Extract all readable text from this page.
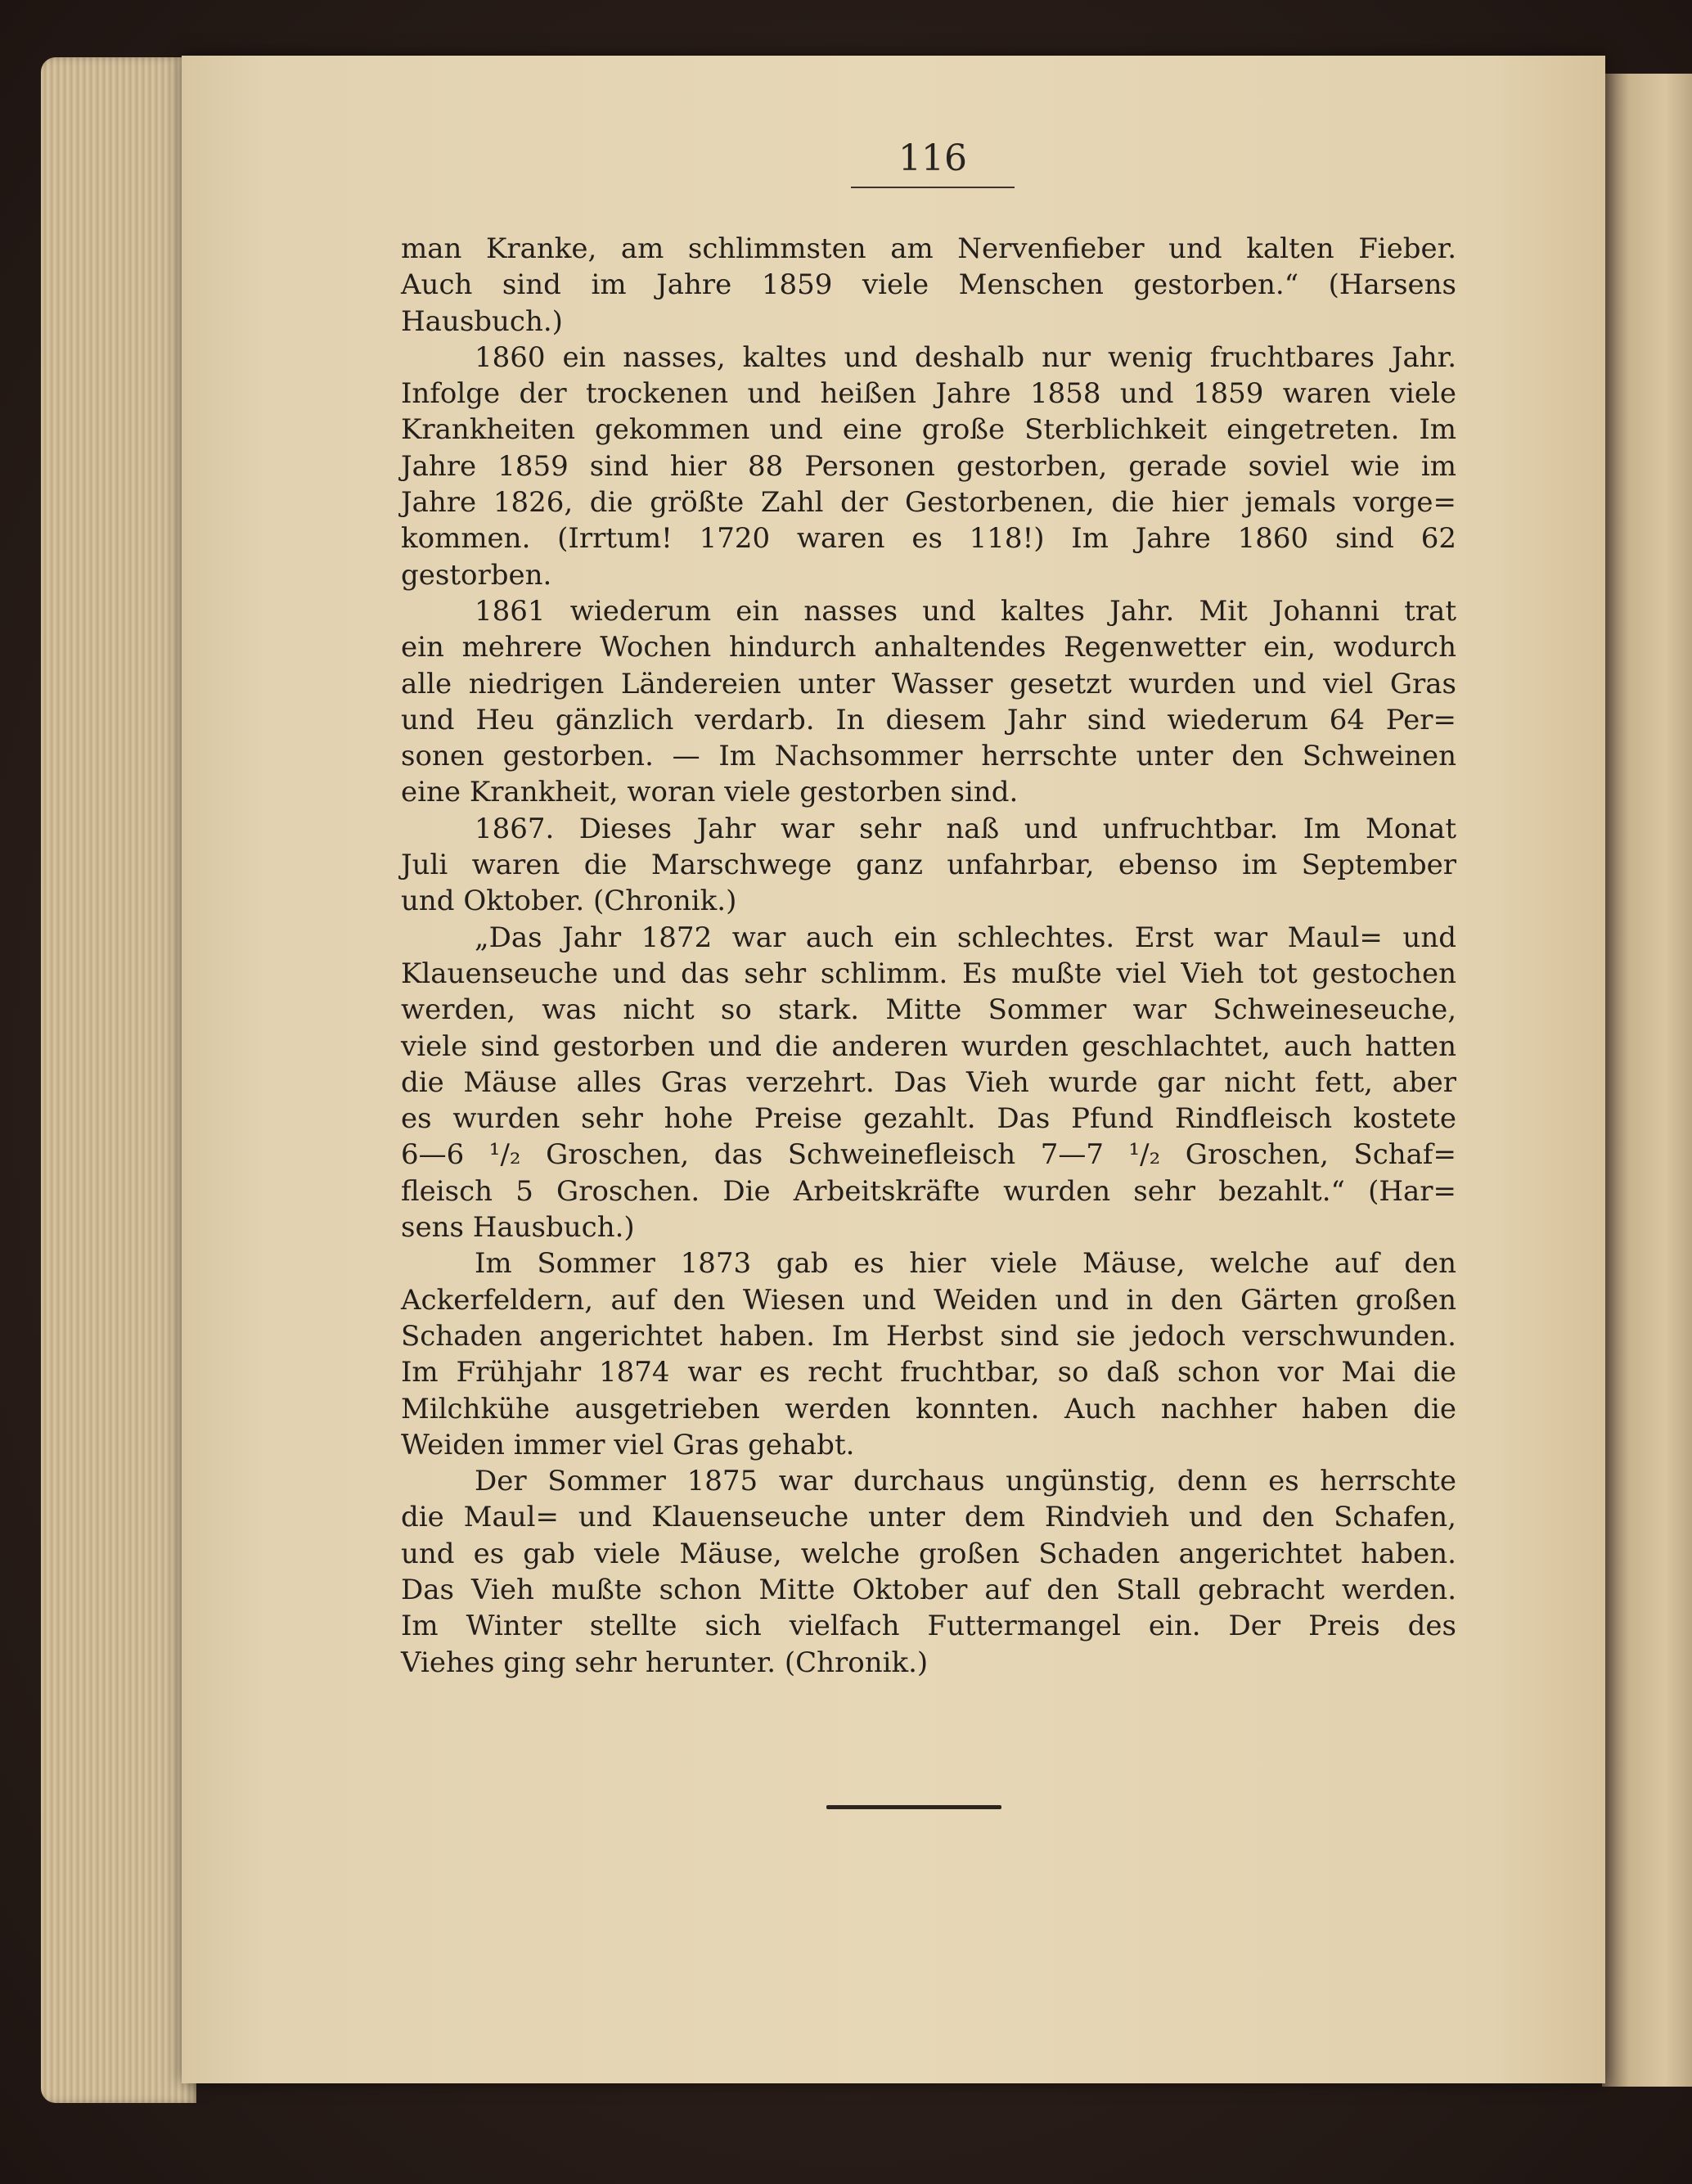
116
man Kranke, am schlimmsten am Nervenfieber und kalten Fieber.
Auch sind im Jahre 1859 viele Menschen gestorben.“ (Harsens
Hausbuch.)
1860 ein nasses, kaltes und deshalb nur wenig fruchtbares Jahr.
Infolge der trockenen und heißen Jahre 1858 und 1859 waren viele
Krankheiten gekommen und eine große Sterblichkeit eingetreten. Im
Jahre 1859 sind hier 88 Personen gestorben, gerade soviel wie im
Jahre 1826, die größte Zahl der Gestorbenen, die hier jemals vorge=
kommen. (Irrtum! 1720 waren es 118!) Im Jahre 1860 sind 62
gestorben.
1861 wiederum ein nasses und kaltes Jahr. Mit Johanni trat
ein mehrere Wochen hindurch anhaltendes Regenwetter ein, wodurch
alle niedrigen Ländereien unter Wasser gesetzt wurden und viel Gras
und Heu gänzlich verdarb. In diesem Jahr sind wiederum 64 Per=
sonen gestorben. — Im Nachsommer herrschte unter den Schweinen
eine Krankheit, woran viele gestorben sind.
1867. Dieses Jahr war sehr naß und unfruchtbar. Im Monat
Juli waren die Marschwege ganz unfahrbar, ebenso im September
und Oktober. (Chronik.)
„Das Jahr 1872 war auch ein schlechtes. Erst war Maul= und
Klauenseuche und das sehr schlimm. Es mußte viel Vieh tot gestochen
werden, was nicht so stark. Mitte Sommer war Schweineseuche,
viele sind gestorben und die anderen wurden geschlachtet, auch hatten
die Mäuse alles Gras verzehrt. Das Vieh wurde gar nicht fett, aber
es wurden sehr hohe Preise gezahlt. Das Pfund Rindfleisch kostete
6—6 ¹/₂ Groschen, das Schweinefleisch 7—7 ¹/₂ Groschen, Schaf=
fleisch 5 Groschen. Die Arbeitskräfte wurden sehr bezahlt.“ (Har=
sens Hausbuch.)
Im Sommer 1873 gab es hier viele Mäuse, welche auf den
Ackerfeldern, auf den Wiesen und Weiden und in den Gärten großen
Schaden angerichtet haben. Im Herbst sind sie jedoch verschwunden.
Im Frühjahr 1874 war es recht fruchtbar, so daß schon vor Mai die
Milchkühe ausgetrieben werden konnten. Auch nachher haben die
Weiden immer viel Gras gehabt.
Der Sommer 1875 war durchaus ungünstig, denn es herrschte
die Maul= und Klauenseuche unter dem Rindvieh und den Schafen,
und es gab viele Mäuse, welche großen Schaden angerichtet haben.
Das Vieh mußte schon Mitte Oktober auf den Stall gebracht werden.
Im Winter stellte sich vielfach Futtermangel ein. Der Preis des
Viehes ging sehr herunter. (Chronik.)
